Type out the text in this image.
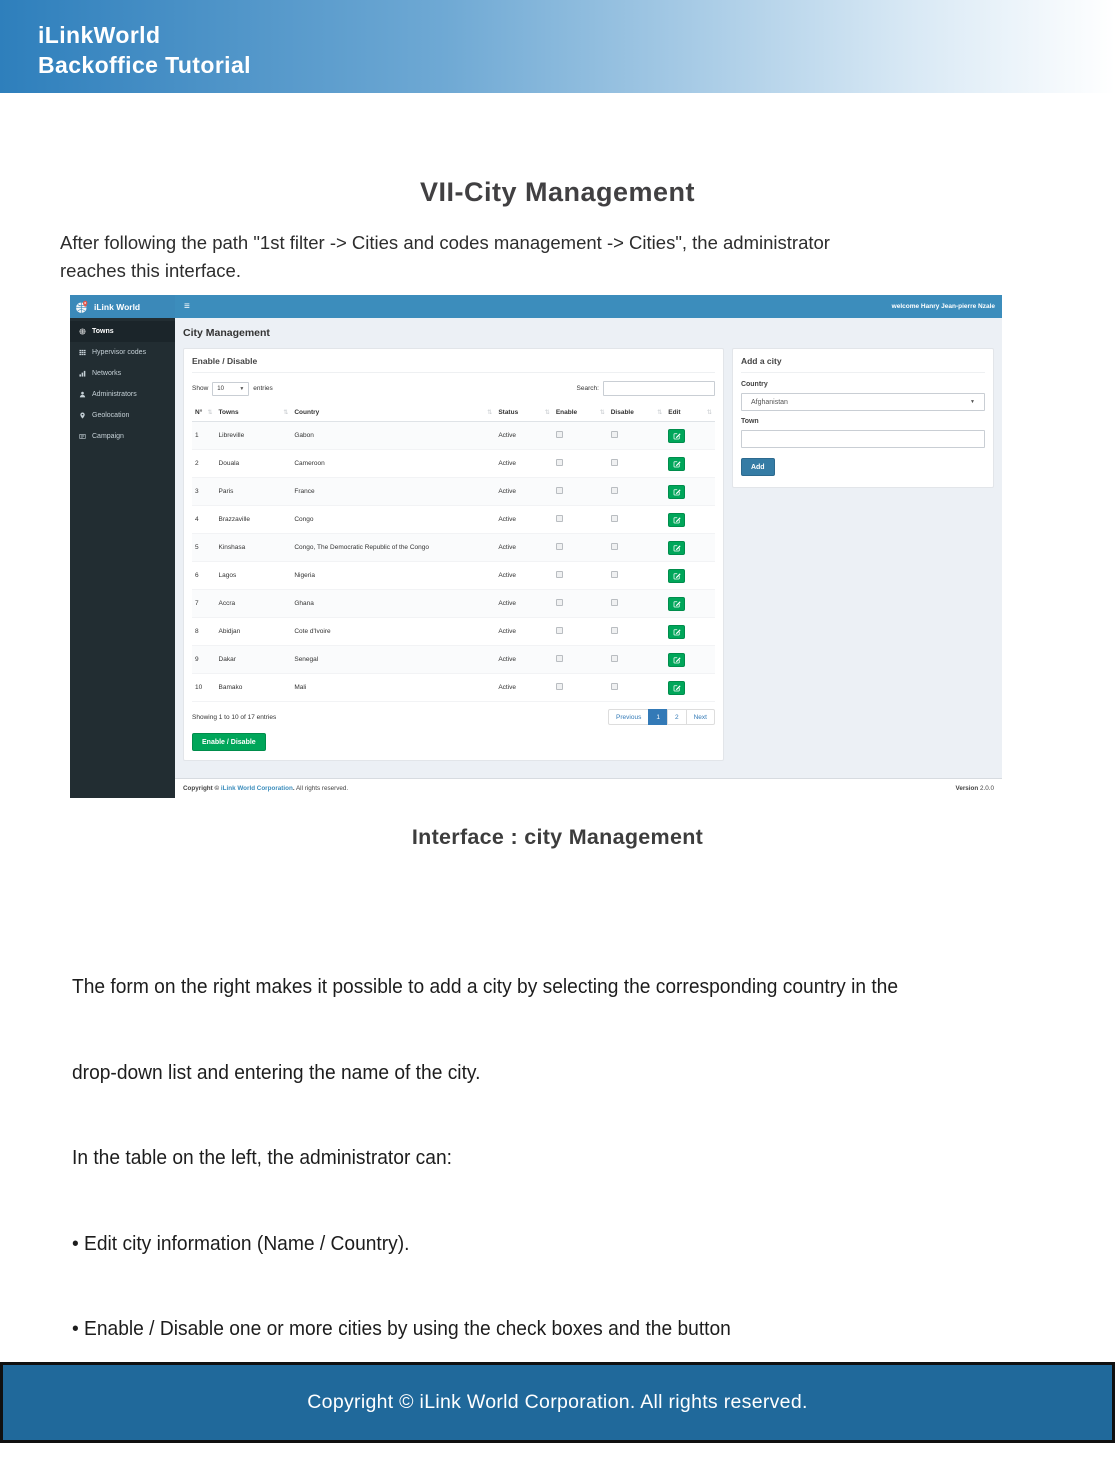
iLinkWorld
Backoffice Tutorial
VII-City Management
After following the path "1st filter -> Cities and codes management -> Cities", the administrator
reaches this interface.
iLink World	≡	welcome Hanry Jean-pierre Nzale
Towns
Hypervisor codes
Networks
Administrators
Geolocation
Campaign
City Management
Enable / Disable
Show 10	▼ entries	Search:
N° ⇅	Towns ⇅	Country ⇅	Status ⇅	Enable ⇅	Disable ⇅	Edit ⇅

1	Libreville	Gabon	Active			

2	Douala	Cameroon	Active			

3	Paris	France	Active			

4	Brazzaville	Congo	Active			

5	Kinshasa	Congo, The Democratic Republic of the Congo	Active			

6	Lagos	Nigeria	Active			

7	Accra	Ghana	Active			

8	Abidjan	Cote d'Ivoire	Active			

9	Dakar	Senegal	Active			

10	Bamako	Mali	Active			
Showing 1 to 10 of 17 entries	Previous	1	2	Next
Enable / Disable
Add a city
Country
Afghanistan	▼
Town
Add
Copyright © iLink World Corporation. All rights reserved.	Version 2.0.0
Interface : city Management

The form on the right makes it possible to add a city by selecting the corresponding country in the

drop-down list and entering the name of the city.

In the table on the left, the administrator can:

• Edit city information (Name / Country).

• Enable / Disable one or more cities by using the check boxes and the button

Copyright © iLink World Corporation. All rights reserved.
